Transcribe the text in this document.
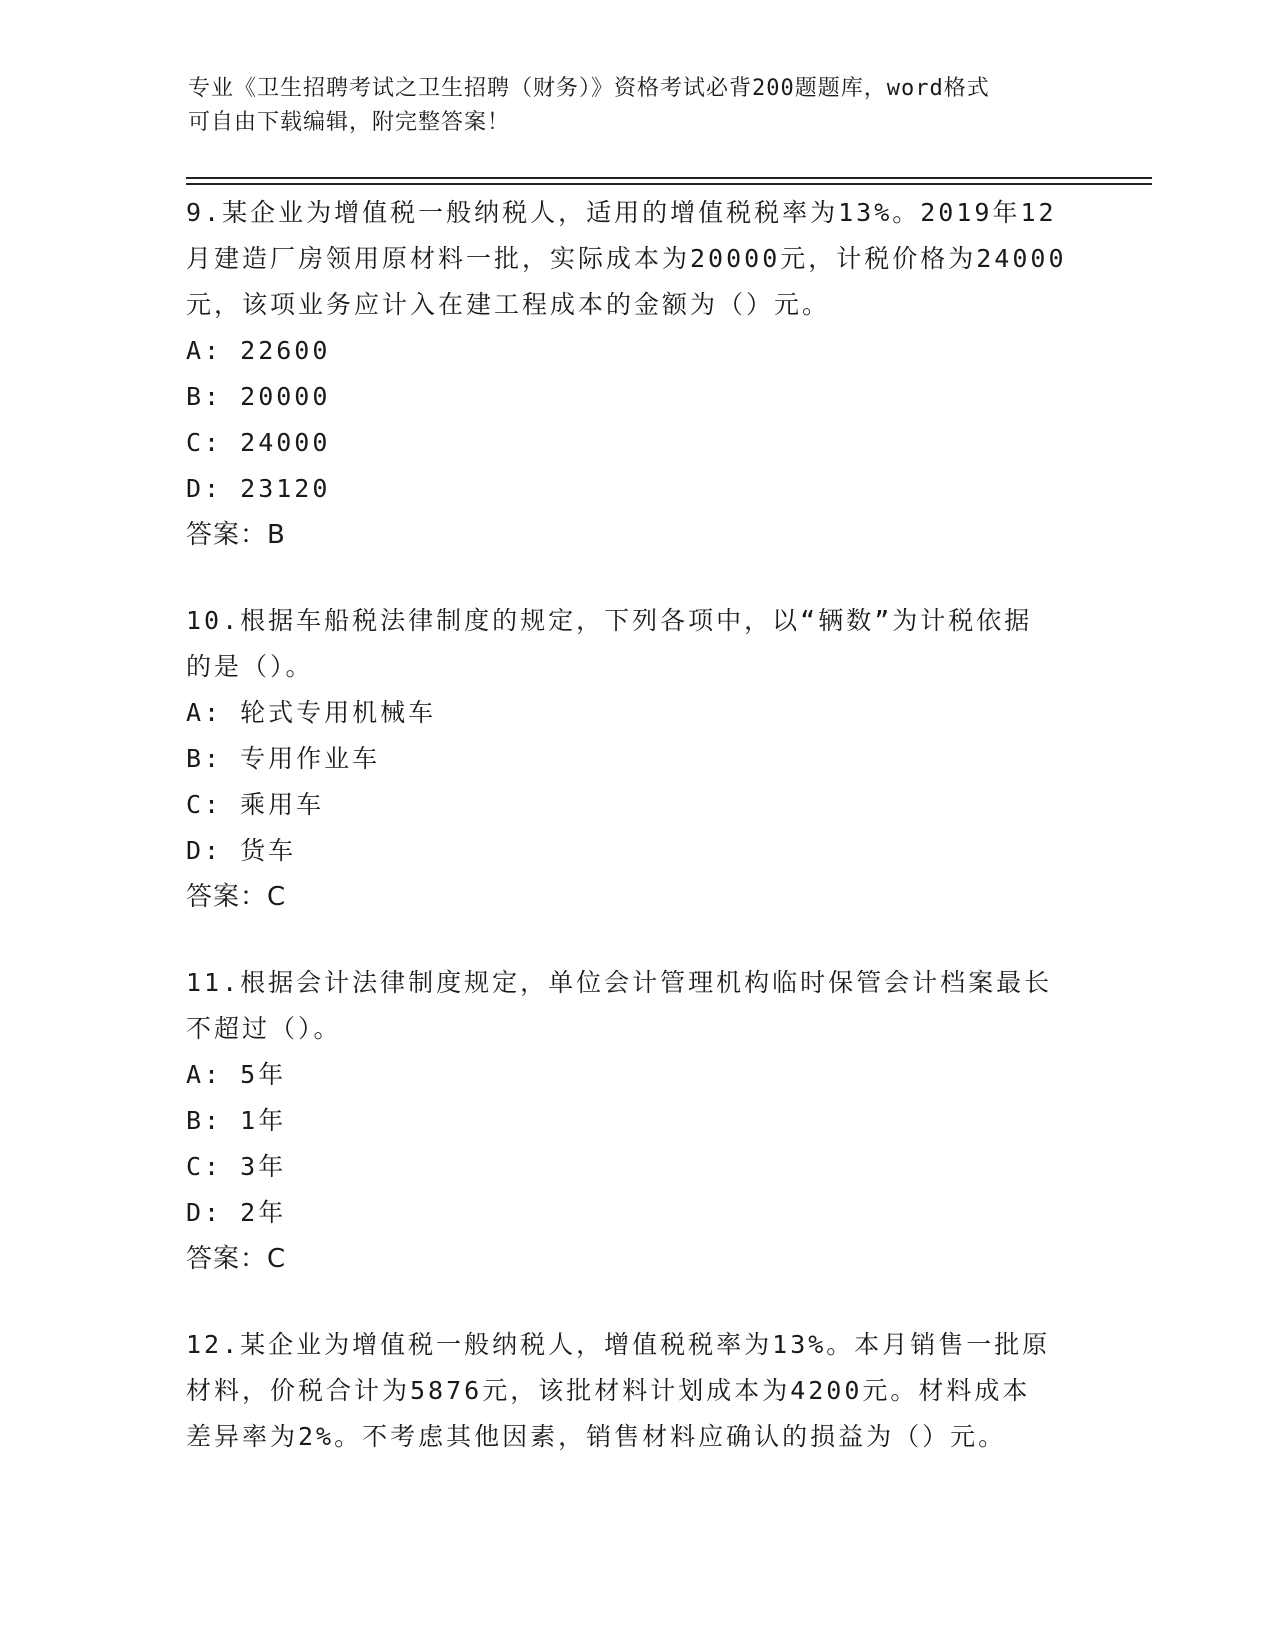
专业《卫生招聘考试之卫生招聘（财务）》资格考试必背200题题库，word格式
可自由下载编辑，附完整答案！

9.某企业为增值税一般纳税人，适用的增值税税率为13%。2019年12

月建造厂房领用原材料一批，实际成本为20000元，计税价格为24000

元，该项业务应计入在建工程成本的金额为（）元。

A: 22600

B: 20000

C: 24000

D: 23120

答案：B

10.根据车船税法律制度的规定，下列各项中，以“辆数”为计税依据

的是（）。

A: 轮式专用机械车

B: 专用作业车

C: 乘用车

D: 货车

答案：C

11.根据会计法律制度规定，单位会计管理机构临时保管会计档案最长

不超过（）。

A: 5年

B: 1年

C: 3年

D: 2年

答案：C

12.某企业为增值税一般纳税人，增值税税率为13%。本月销售一批原

材料，价税合计为5876元，该批材料计划成本为4200元。材料成本

差异率为2%。不考虑其他因素，销售材料应确认的损益为（）元。
